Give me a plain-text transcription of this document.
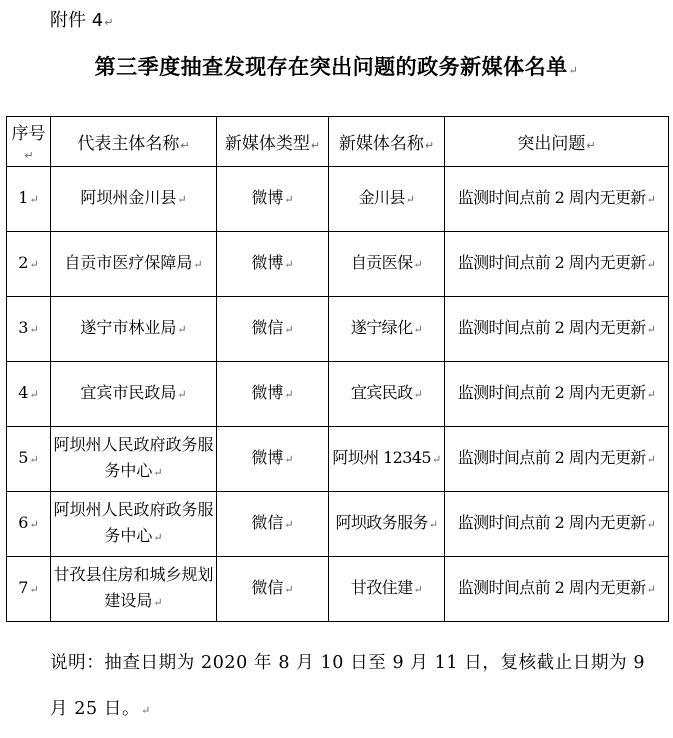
附件 4↵
第三季度抽查发现存在突出问题的政务新媒体名单↵
序号↵	代表主体名称↵	新媒体类型↵	新媒体名称↵	突出问题↵
1↵	阿坝州金川县↵	微博↵	金川县↵	监测时间点前 2 周内无更新↵
2↵	自贡市医疗保障局↵	微博↵	自贡医保↵	监测时间点前 2 周内无更新↵
3↵	遂宁市林业局↵	微信↵	遂宁绿化↵	监测时间点前 2 周内无更新↵
4↵	宜宾市民政局↵	微博↵	宜宾民政↵	监测时间点前 2 周内无更新↵
5↵	阿坝州人民政府政务服务中心↵	微博↵	阿坝州 12345↵	监测时间点前 2 周内无更新↵
6↵	阿坝州人民政府政务服务中心↵	微信↵	阿坝政务服务↵	监测时间点前 2 周内无更新↵
7↵	甘孜县住房和城乡规划建设局↵	微信↵	甘孜住建↵	监测时间点前 2 周内无更新↵
说明：抽查日期为 2020 年 8 月 10 日至 9 月 11 日，复核截止日期为 9 月 25 日。↵
